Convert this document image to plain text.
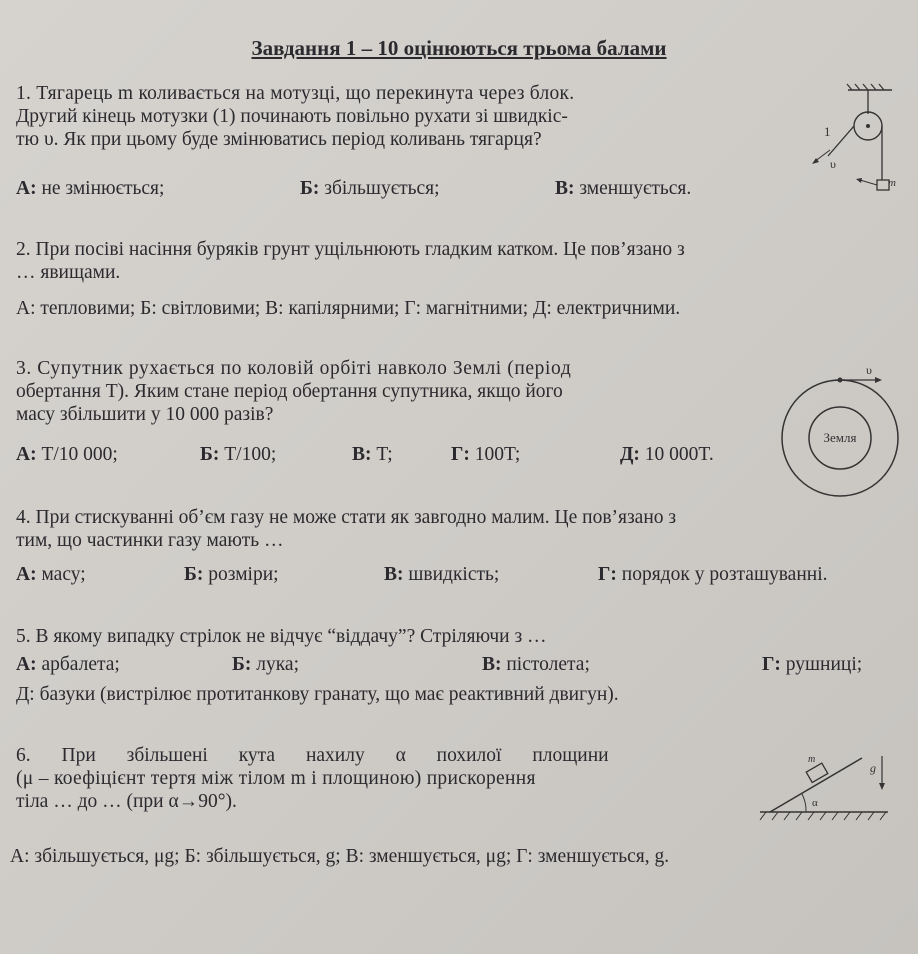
Завдання 1 – 10 оцінюються трьома балами
1. Тягарець m коливається на мотузці, що перекинута через блок.
Другий кінець мотузки (1) починають повільно рухати зі швидкіс-
тю υ. Як при цьому буде змінюватись період коливань тягарця?
А: не змінюється;	Б: збільшується;	В: зменшується.
1
υ
m
2. При посіві насіння буряків грунт ущільнюють гладким катком. Це пов’язано з
… явищами.
А: тепловими; Б: світловими; В: капілярними; Г: магнітними; Д: електричними.
3. Супутник рухається по коловій орбіті навколо Землі (період
обертання T). Яким стане період обертання супутника, якщо його
масу збільшити у 10 000 разів?
А: T/10 000;	Б: T/100;	В: T;	Г: 100T;	Д: 10 000T.
υ
Земля
4. При стискуванні об’єм газу не може стати як завгодно малим. Це пов’язано з
тим, що частинки газу мають …
А: масу;	Б: розміри;	В: швидкість;	Г: порядок у розташуванні.
5. В якому випадку стрілок не відчує “віддачу”? Стріляючи з …
А: арбалета;	Б: лука;	В: пістолета;	Г: рушниці;
Д: базуки (вистрілює протитанкову гранату, що має реактивний двигун).
6. При збільшені кута нахилу α похилої площини
(μ – коефіцієнт тертя між тілом m і площиною) прискорення
тіла … до … (при α→90°).
А: збільшується, μg; Б: збільшується, g; В: зменшується, μg; Г: зменшується, g.
α
m
g
